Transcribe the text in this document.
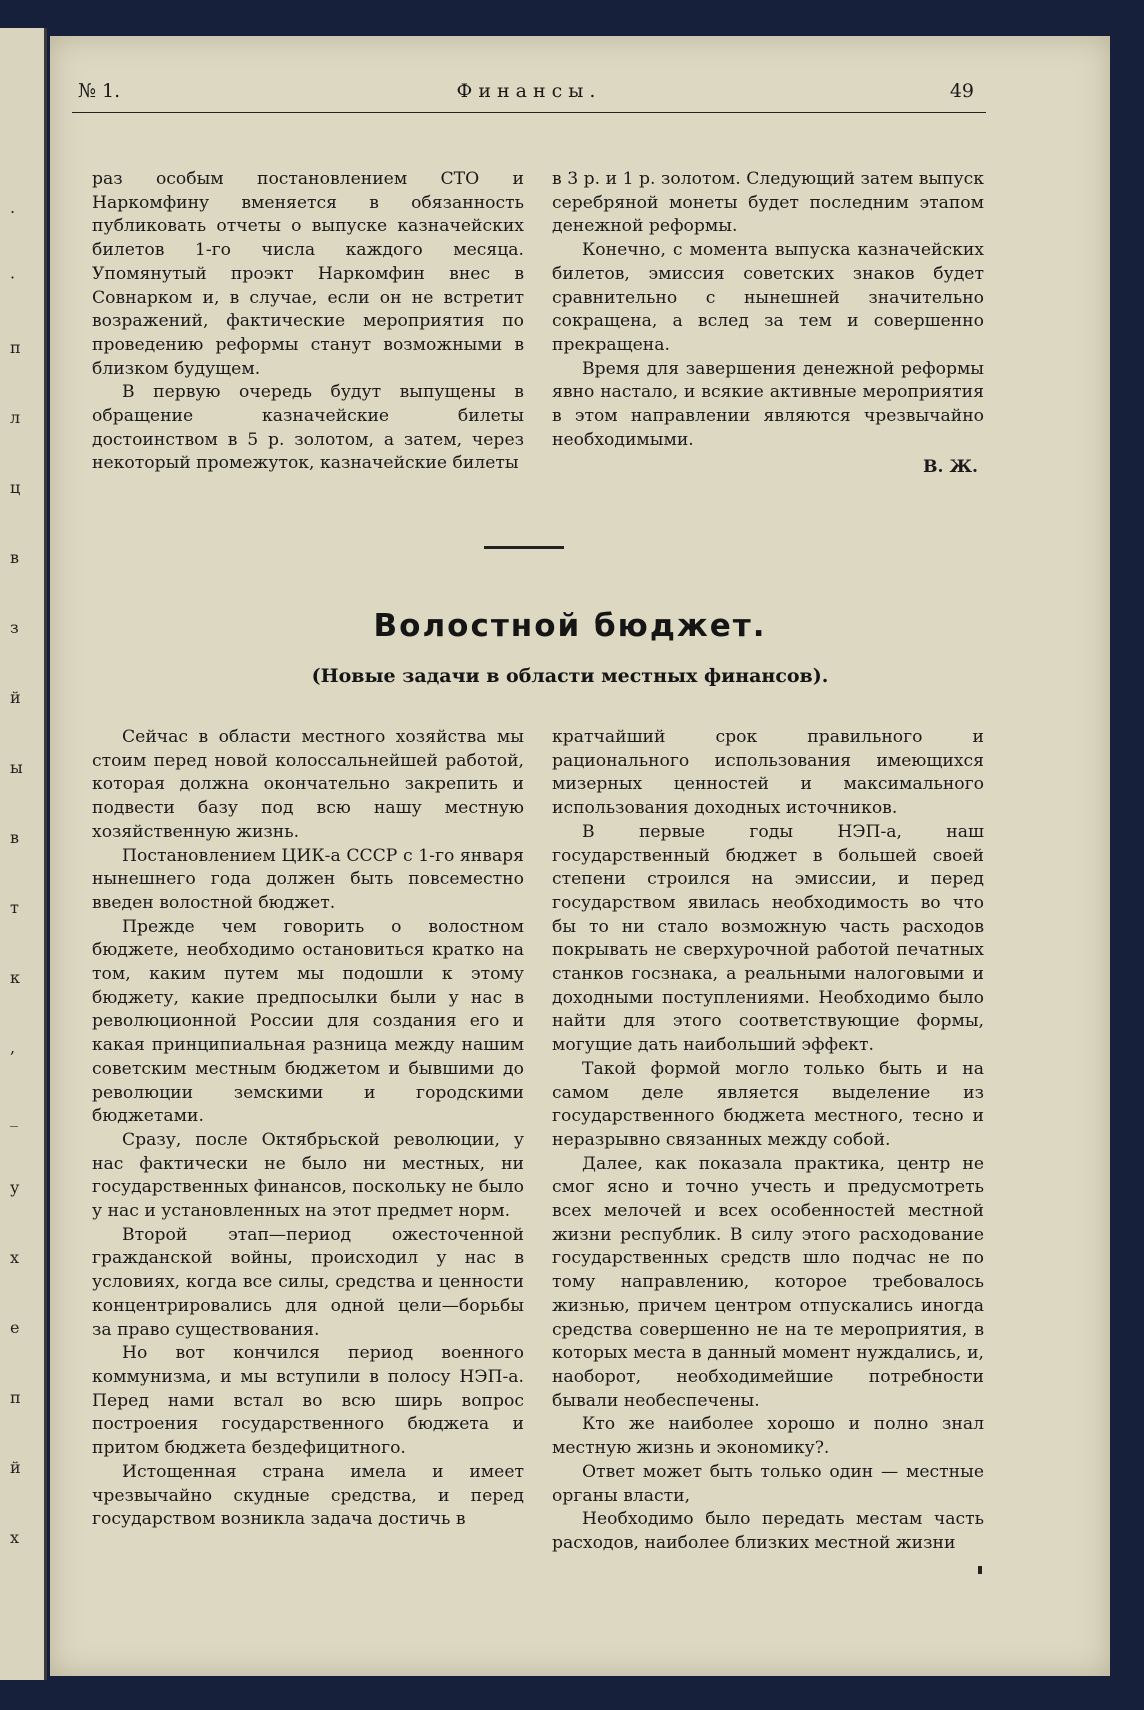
.
·
п
л
ц
в
з
й
ы
в
т
к
,
_
у
х
е
п
й
х
№ 1.	Финансы.	49

раз особым постановлением СТО и Наркомфину вменяется в обязанность публиковать отчеты о выпуске казначейских билетов 1-го числа каждого месяца. Упомянутый проэкт Наркомфин внес в Совнарком и, в случае, если он не встретит возражений, фактические мероприятия по проведению реформы станут возможными в близком будущем.

В первую очередь будут выпущены в обращение казначейские билеты достоинством в 5 р. золотом, а затем, через некоторый промежуток, казначейские билеты

в 3 р. и 1 р. золотом. Следующий затем выпуск серебряной монеты будет последним этапом денежной реформы.

Конечно, с момента выпуска казначейских билетов, эмиссия советских знаков будет сравнительно с нынешней значительно сокращена, а вслед за тем и совершенно прекращена.

Время для завершения денежной реформы явно настало, и всякие активные мероприятия в этом направлении являются чрезвычайно необходимыми.

В. Ж.
Волостной бюджет.
(Новые задачи в области местных финансов).

Сейчас в области местного хозяйства мы стоим перед новой колоссальнейшей работой, которая должна окончательно закрепить и подвести базу под всю нашу местную хозяйственную жизнь.

Постановлением ЦИК-а СССР с 1-го января нынешнего года должен быть повсеместно введен волостной бюджет.

Прежде чем говорить о волостном бюджете, необходимо остановиться кратко на том, каким путем мы подошли к этому бюджету, какие предпосылки были у нас в революционной России для создания его и какая принципиальная разница между нашим советским местным бюджетом и бывшими до революции земскими и городскими бюджетами.

Сразу, после Октябрьской революции, у нас фактически не было ни местных, ни государственных финансов, поскольку не было у нас и установленных на этот предмет норм.

Второй этап—период ожесточенной гражданской войны, происходил у нас в условиях, когда все силы, средства и ценности концентрировались для одной цели—борьбы за право существования.

Но вот кончился период военного коммунизма, и мы вступили в полосу НЭП-а. Перед нами встал во всю ширь вопрос построения государственного бюджета и притом бюджета бездефицитного.

Истощенная страна имела и имеет чрезвычайно скудные средства, и перед государством возникла задача достичь в

кратчайший срок правильного и рационального использования имеющихся мизерных ценностей и максимального использования доходных источников.

В первые годы НЭП-а, наш государственный бюджет в большей своей степени строился на эмиссии, и перед государством явилась необходимость во что бы то ни стало возможную часть расходов покрывать не сверхурочной работой печатных станков госзнака, а реальными налоговыми и доходными поступлениями. Необходимо было найти для этого соответствующие формы, могущие дать наибольший эффект.

Такой формой могло только быть и на самом деле является выделение из государственного бюджета местного, тесно и неразрывно связанных между собой.

Далее, как показала практика, центр не смог ясно и точно учесть и предусмотреть всех мелочей и всех особенностей местной жизни республик. В силу этого расходование государственных средств шло подчас не по тому направлению, которое требовалось жизнью, причем центром отпускались иногда средства совершенно не на те мероприятия, в которых места в данный момент нуждались, и, наоборот, необходимейшие потребности бывали необеспечены.

Кто же наиболее хорошо и полно знал местную жизнь и экономику?.

Ответ может быть только один — местные органы власти,

Необходимо было передать местам часть расходов, наиболее близких местной жизни
